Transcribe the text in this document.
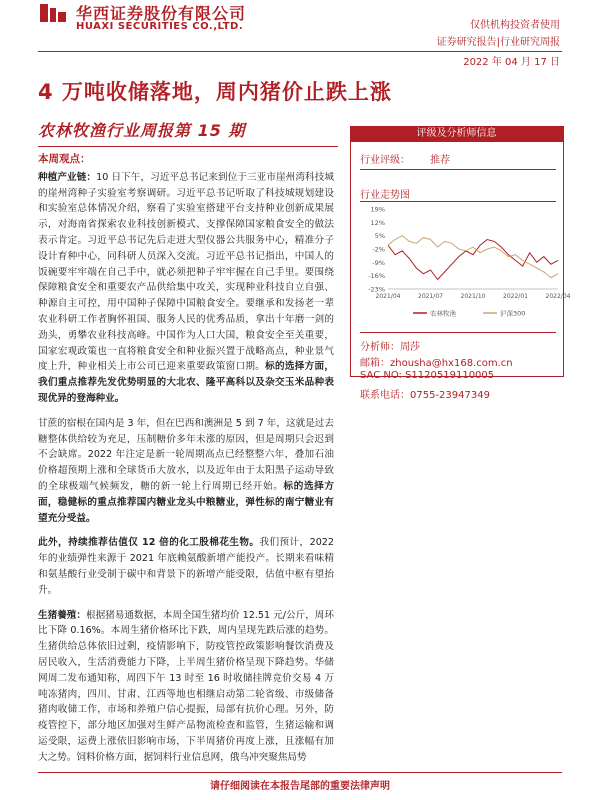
华西证券股份有限公司
HUAXI SECURITIES CO.,LTD.	仅供机构投资者使用
证券研究报告|行业研究周报
2022 年 04 月 17 日
4 万吨收储落地，周内猪价止跌上涨
农林牧渔行业周报第 15 期
本周观点：

种植产业链：10 日下午，习近平总书记来到位于三亚市崖州湾科技城的崖州湾种子实验室考察调研。习近平总书记听取了科技城规划建设和实验室总体情况介绍，察看了实验室搭建平台支持种业创新成果展示，对海南省探索农业科技创新模式、支撑保障国家粮食安全的做法表示肯定。习近平总书记先后走进大型仪器公共服务中心，精准分子设计育种中心，同科研人员深入交流。习近平总书记指出，中国人的饭碗要牢牢端在自己手中，就必须把种子牢牢握在自己手里。要围绕保障粮食安全和重要农产品供给集中攻关，实现种业科技自立自强、种源自主可控，用中国种子保障中国粮食安全。要继承和发扬老一辈农业科研工作者胸怀祖国、服务人民的优秀品质，拿出十年磨一剑的劲头，勇攀农业科技高峰。中国作为人口大国，粮食安全至关重要，国家宏观政策也一直将粮食安全和种业振兴置于战略高点，种业景气度上升，种业相关上市公司已迎来重要政策窗口期。标的选择方面，我们重点推荐先发优势明显的大北农、隆平高科以及杂交玉米品种表现优异的登海种业。

甘蔗的宿根在国内是 3 年，但在巴西和澳洲是 5 到 7 年，这就是过去糖整体供给较为充足，压制糖价多年未涨的原因，但是周期只会迟到不会缺席。2022 年注定是新一轮周期高点已经整整六年，叠加石油价格超预期上涨和全球货币大放水，以及近年由于太阳黑子运动导致的全球极端气候频发，糖的新一轮上行周期已经开始。标的选择方面，稳健标的重点推荐国内糖业龙头中粮糖业，弹性标的南宁糖业有望充分受益。

此外，持续推荐估值仅 12 倍的化工股棉花生物。我们预计，2022 年的业绩弹性来源于 2021 年底赖氨酸新增产能投产。长期来看味精和氨基酸行业受制于碳中和背景下的新增产能受限，估值中枢有望抬升。

生猪養殖：根据猪易通数据，本周全国生猪均价 12.51 元/公斤，周环比下降 0.16%。本周生猪价格环比下跌，周内呈现先跌后涨的趋势。生猪供给总体依旧过剩，疫情影响下，防疫管控政策影响餐饮消费及居民收入，生活消费能力下降，上半周生猪价格呈现下降趋势。华储网周二发布通知称，周四下午 13 时至 16 时收储挂牌竞价交易 4 万吨冻猪肉，四川、甘肃、江西等地也相继启动第二轮省级、市级储备猪肉收储工作，市场和养殖户信心提振，局部有抗价心理。另外，防疫管控下，部分地区加强对生鲜产品物流检查和监管，生猪运输和调运受限，运费上涨依旧影响市场，下半周猪价再度上涨，且涨幅有加大之势。饲料价格方面，据饲料行业信息网，俄乌冲突聚焦局势

评级及分析师信息
行业评级： 推荐
行业走势图
19%
12%
5%
-2%
-9%
-16%
-23%
2021/04	2021/07	2021/10	2022/01	2022/04
农林牧渔	沪深300
分析师：周莎
邮箱：zhousha@hx168.com.cn
SAC NO: S1120519110005
联系电话：0755-23947349
请仔细阅读在本报告尾部的重要法律声明
